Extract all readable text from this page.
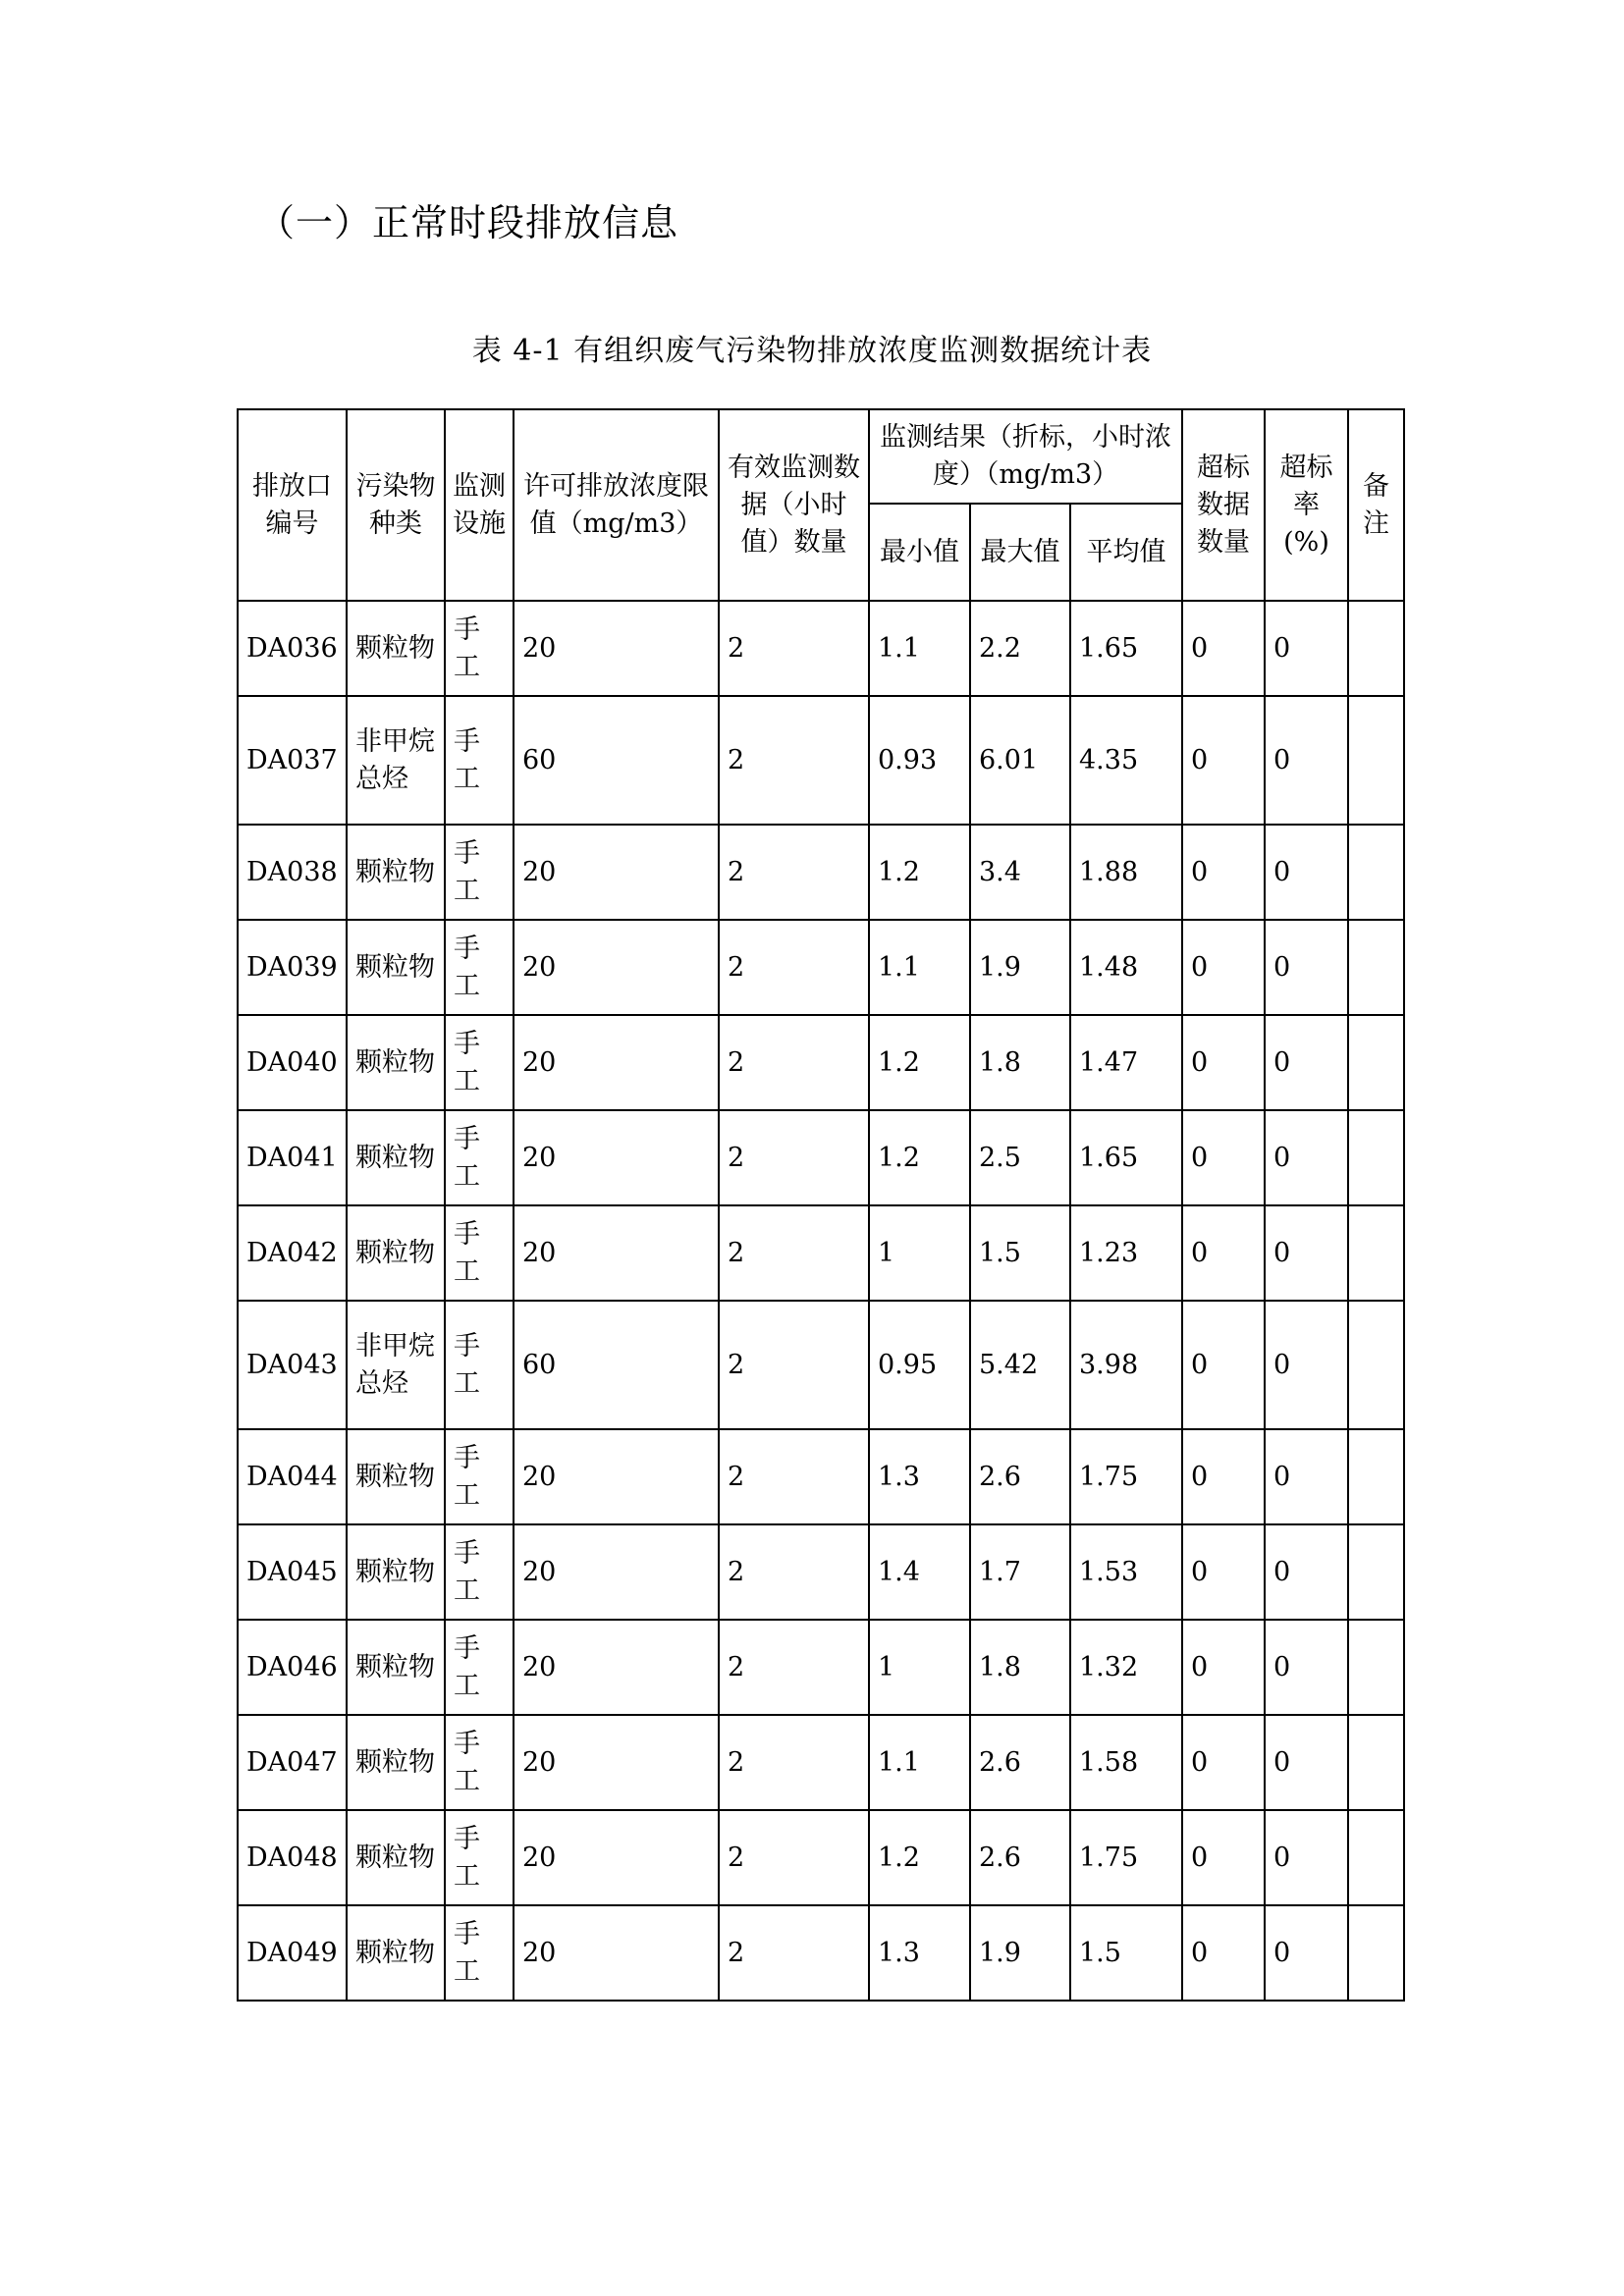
（一）正常时段排放信息
表 4-1 有组织废气污染物排放浓度监测数据统计表
排放口编号	污染物种类	监测设施	许可排放浓度限值（mg/m3）	有效监测数据（小时值）数量	监测结果（折标，小时浓度）（mg/m3）			超标数据数量	超标率(%)	备注
					最小值	最大值	平均值			
DA036	颗粒物	手工	20	2	1.1	2.2	1.65	0	0	
DA037	非甲烷总烃	手工	60	2	0.93	6.01	4.35	0	0	
DA038	颗粒物	手工	20	2	1.2	3.4	1.88	0	0	
DA039	颗粒物	手工	20	2	1.1	1.9	1.48	0	0	
DA040	颗粒物	手工	20	2	1.2	1.8	1.47	0	0	
DA041	颗粒物	手工	20	2	1.2	2.5	1.65	0	0	
DA042	颗粒物	手工	20	2	1	1.5	1.23	0	0	
DA043	非甲烷总烃	手工	60	2	0.95	5.42	3.98	0	0	
DA044	颗粒物	手工	20	2	1.3	2.6	1.75	0	0	
DA045	颗粒物	手工	20	2	1.4	1.7	1.53	0	0	
DA046	颗粒物	手工	20	2	1	1.8	1.32	0	0	
DA047	颗粒物	手工	20	2	1.1	2.6	1.58	0	0	
DA048	颗粒物	手工	20	2	1.2	2.6	1.75	0	0	
DA049	颗粒物	手工	20	2	1.3	1.9	1.5	0	0	
